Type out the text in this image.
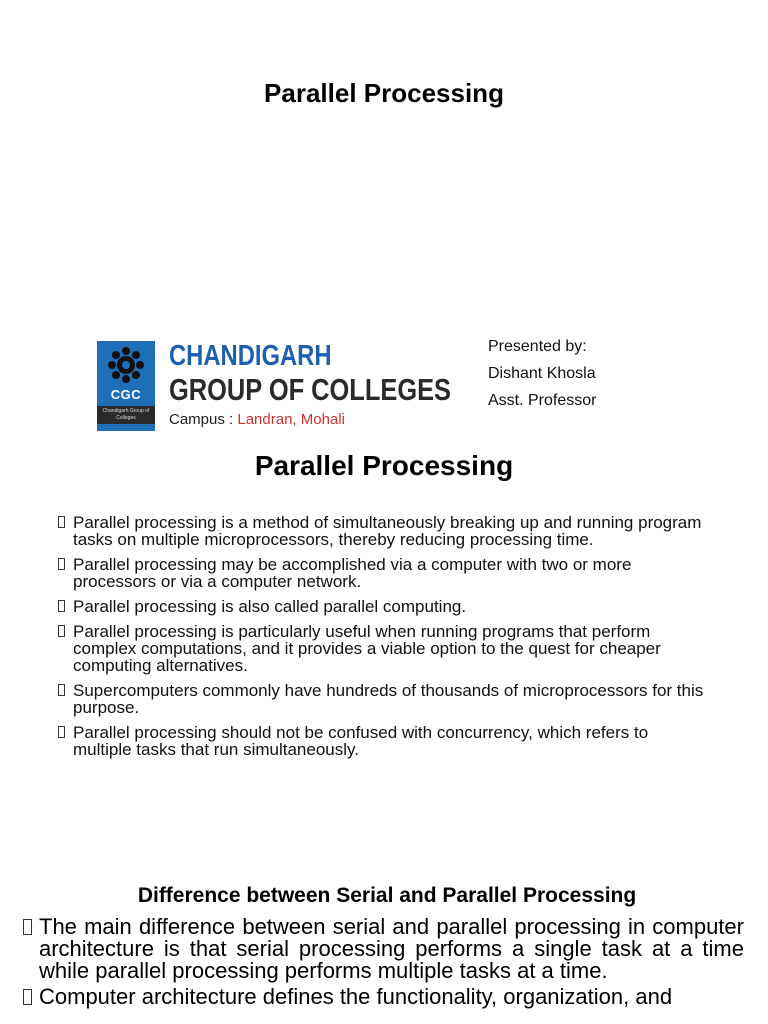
Parallel Processing
CGC
Chandigarh Group of Colleges
CHANDIGARH
GROUP OF COLLEGES
Campus : Landran, Mohali
Presented by:
Dishant Khosla
Asst. Professor
Parallel Processing
Parallel processing is a method of simultaneously breaking up and running program tasks on multiple microprocessors, thereby reducing processing time.
Parallel processing may be accomplished via a computer with two or more processors or via a computer network.
Parallel processing is also called parallel computing.
Parallel processing is particularly useful when running programs that perform complex computations, and it provides a viable option to the quest for cheaper computing alternatives.
Supercomputers commonly have hundreds of thousands of microprocessors for this purpose.
Parallel processing should not be confused with concurrency, which refers to multiple tasks that run simultaneously.
Difference between Serial and Parallel Processing
The main difference between serial and parallel processing in computer architecture is that serial processing performs a single task at a time while parallel processing performs multiple tasks at a time.
Computer architecture defines the functionality, organization, and
